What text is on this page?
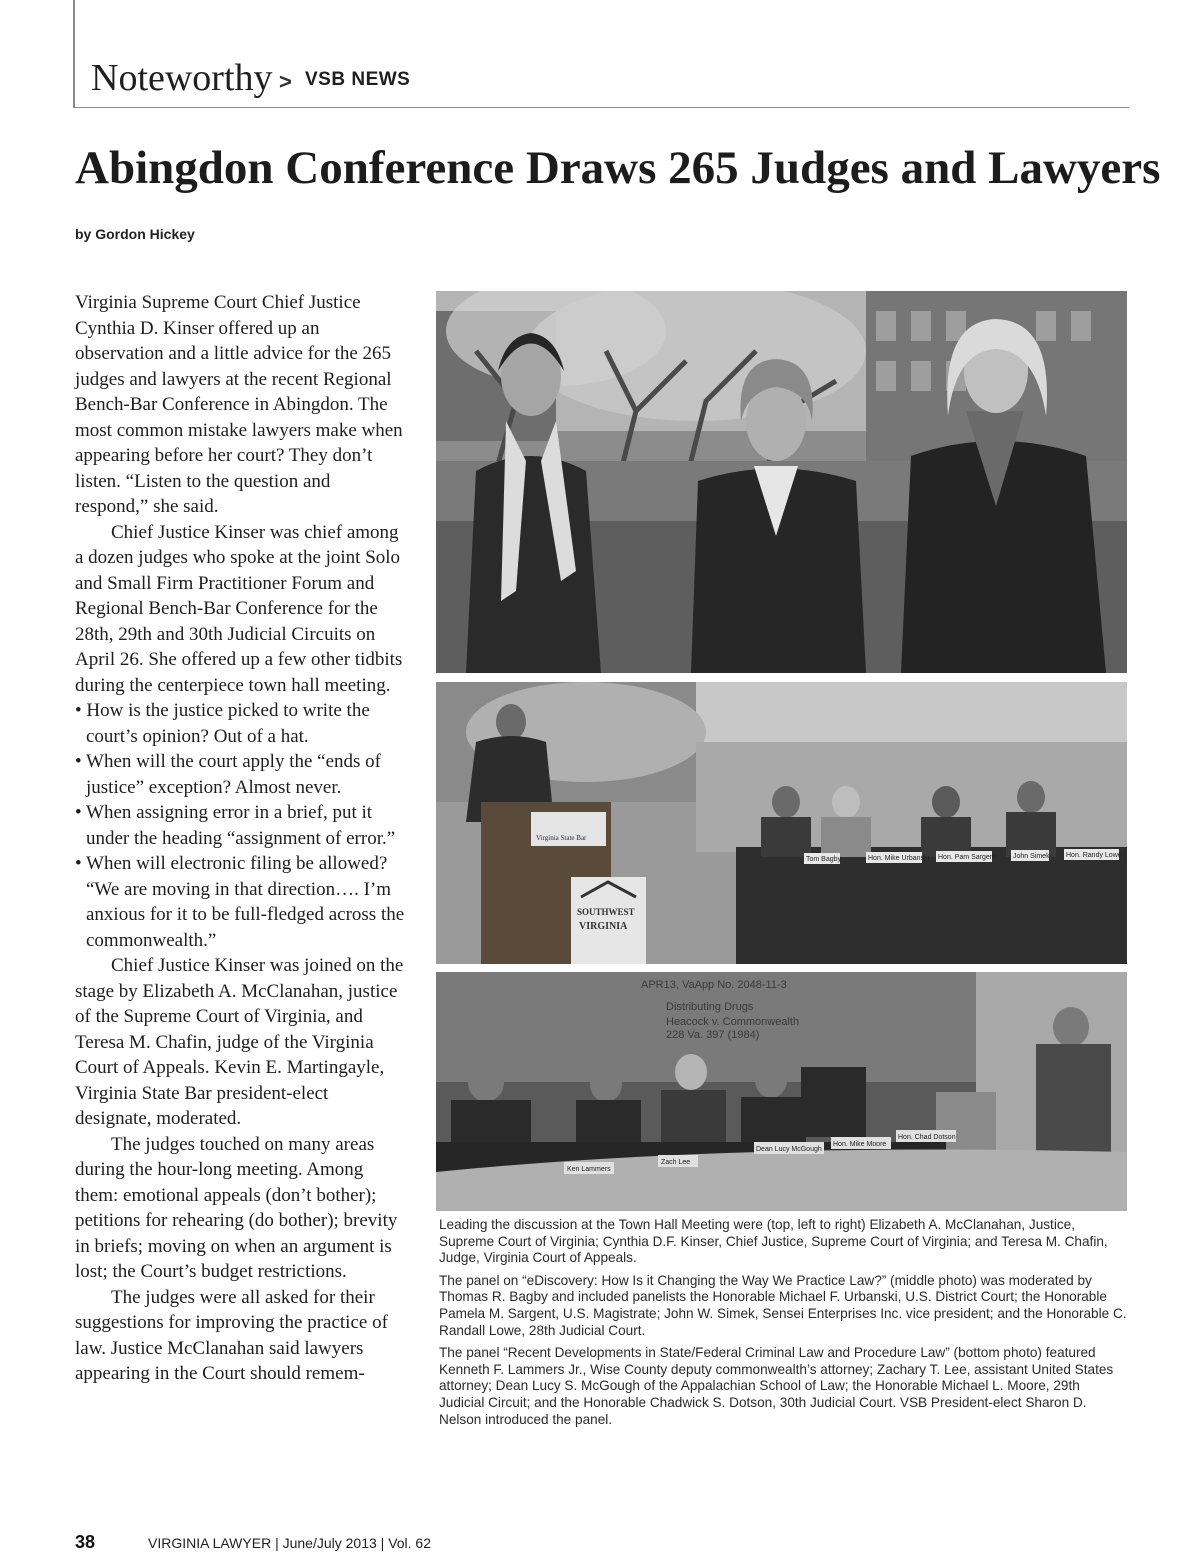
Noteworthy > VSB NEWS
Abingdon Conference Draws 265 Judges and Lawyers
by Gordon Hickey

Virginia Supreme Court Chief Justice Cynthia D. Kinser offered up an observation and a little advice for the 265 judges and lawyers at the recent Regional Bench-Bar Conference in Abingdon. The most common mistake lawyers make when appearing before her court? They don’t listen. “Listen to the question and respond,” she said.

Chief Justice Kinser was chief among a dozen judges who spoke at the joint Solo and Small Firm Practitioner Forum and Regional Bench-Bar Conference for the 28th, 29th and 30th Judicial Circuits on April 26. She offered up a few other tidbits during the centerpiece town hall meeting.

• How is the justice picked to write the court’s opinion? Out of a hat.
• When will the court apply the “ends of justice” exception? Almost never.
• When assigning error in a brief, put it under the heading “assignment of error.”
• When will electronic filing be allowed? “We are moving in that direction…. I’m anxious for it to be full-fledged across the commonwealth.”

Chief Justice Kinser was joined on the stage by Elizabeth A. McClanahan, justice of the Supreme Court of Virginia, and Teresa M. Chafin, judge of the Virginia Court of Appeals. Kevin E. Martingayle, Virginia State Bar president-elect designate, moderated.

The judges touched on many areas during the hour-long meeting. Among them: emotional appeals (don’t bother); petitions for rehearing (do bother); brevity in briefs; moving on when an argument is lost; the Court’s budget restrictions.

The judges were all asked for their suggestions for improving the practice of law. Justice McClanahan said lawyers appearing in the Court should remem-

Tom Bagby	Hon. Mike Urbanski Hon. Pam Sargent John Simek Hon. Randy Lowe
Virginia State Bar
SOUTHWEST
VIRGINIA
APR13, VaApp No. 2048-11-3
Distributing Drugs
Heacock v. Commonwealth
228 Va. 397 (1984)
Ken Lammers
Zach Lee
Dean Lucy McGough
Hon. Mike Moore
Hon. Chad Dotson

Leading the discussion at the Town Hall Meeting were (top, left to right) Elizabeth A. McClanahan, Justice, Supreme Court of Virginia; Cynthia D.F. Kinser, Chief Justice, Supreme Court of Virginia; and Teresa M. Chafin, Judge, Virginia Court of Appeals.

The panel on “eDiscovery: How Is it Changing the Way We Practice Law?” (middle photo) was moderated by Thomas R. Bagby and included panelists the Honorable Michael F. Urbanski, U.S. District Court; the Honorable Pamela M. Sargent, U.S. Magistrate; John W. Simek, Sensei Enterprises Inc. vice president; and the Honorable C. Randall Lowe, 28th Judicial Court.

The panel “Recent Developments in State/Federal Criminal Law and Procedure Law” (bottom photo) featured Kenneth F. Lammers Jr., Wise County deputy commonwealth’s attorney; Zachary T. Lee, assistant United States attorney; Dean Lucy S. McGough of the Appalachian School of Law; the Honorable Michael L. Moore, 29th Judicial Circuit; and the Honorable Chadwick S. Dotson, 30th Judicial Court. VSB President-elect Sharon D. Nelson introduced the panel.

38	VIRGINIA LAWYER | June/July 2013 | Vol. 62
